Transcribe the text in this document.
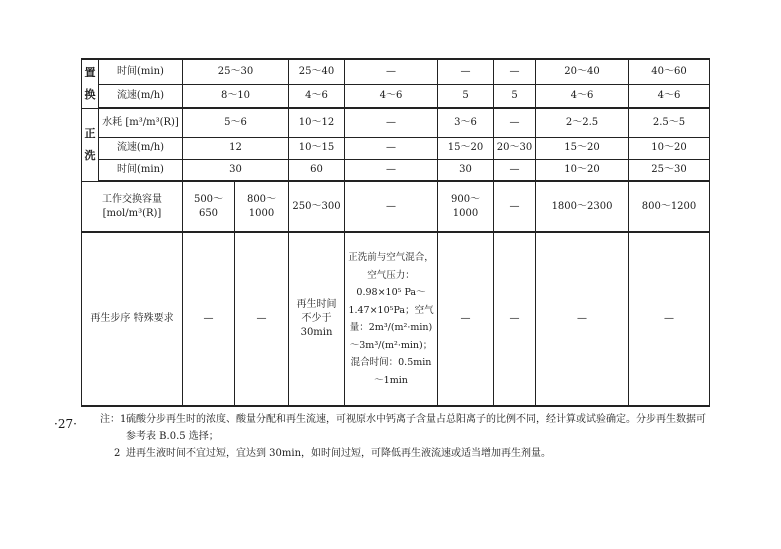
·27·
置换	时间(min)	25～30		25～40	—	—	—	20～40	40～60
	流速(m/h)	8～10		4～6	4～6	5	5	4～6	4～6
正洗	水耗 [m³/m³(R)]	5～6		10～12	—	3～6	—	2～2.5	2.5～5
	流速(m/h)	12		10～15	—	15～20	20～30	15～20	10～20
	时间(min)	30		60	—	30	—	10～20	25～30
工作交换容量 [mol/m³(R)]		500～650	800～1000	250～300	—	900～1000	—	1800～2300	800～1200
再生步序 特殊要求		—	—	再生时间 不少于 30min	正洗前与空气混合，空气压力：0.98×10⁵ Pa～1.47×10⁵Pa；空气量：2m³/(m²·min)～3m³/(m²·min)；混合时间：0.5min～1min	—	—	—	—
注：1 硫酸分步再生时的浓度、酸量分配和再生流速，可视原水中钙离子含量占总阳离子的比例不同，经计算或试验确定。分步再生数据可参考表 B.0.5 选择；
2 进再生液时间不宜过短，宜达到 30min，如时间过短，可降低再生液流速或适当增加再生剂量。
